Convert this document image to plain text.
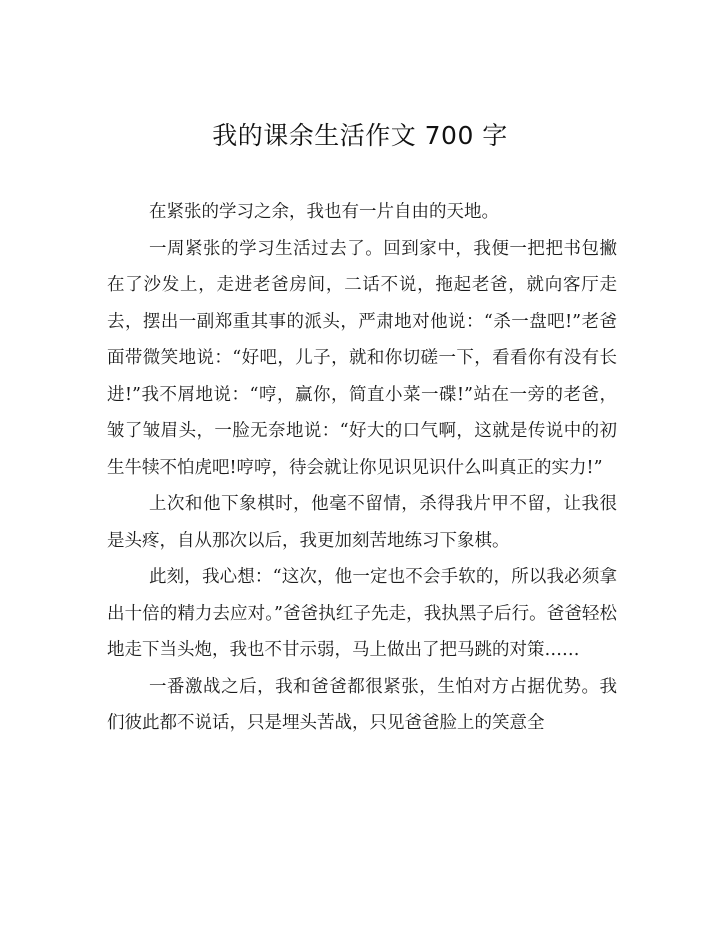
我的课余生活作文 700 字

在紧张的学习之余，我也有一片自由的天地。

一周紧张的学习生活过去了。回到家中，我便一把把书包撇在了沙发上，走进老爸房间，二话不说，拖起老爸，就向客厅走去，摆出一副郑重其事的派头，严肃地对他说：“杀一盘吧!”老爸面带微笑地说：“好吧，儿子，就和你切磋一下，看看你有没有长进!”我不屑地说：“哼，赢你，简直小菜一碟!”站在一旁的老爸，皱了皱眉头，一脸无奈地说：“好大的口气啊，这就是传说中的初生牛犊不怕虎吧!哼哼，待会就让你见识见识什么叫真正的实力!”

上次和他下象棋时，他毫不留情，杀得我片甲不留，让我很是头疼，自从那次以后，我更加刻苦地练习下象棋。

此刻，我心想：“这次，他一定也不会手软的，所以我必须拿出十倍的精力去应对。”爸爸执红子先走，我执黑子后行。爸爸轻松地走下当头炮，我也不甘示弱，马上做出了把马跳的对策……

一番激战之后，我和爸爸都很紧张，生怕对方占据优势。我们彼此都不说话，只是埋头苦战，只见爸爸脸上的笑意全
